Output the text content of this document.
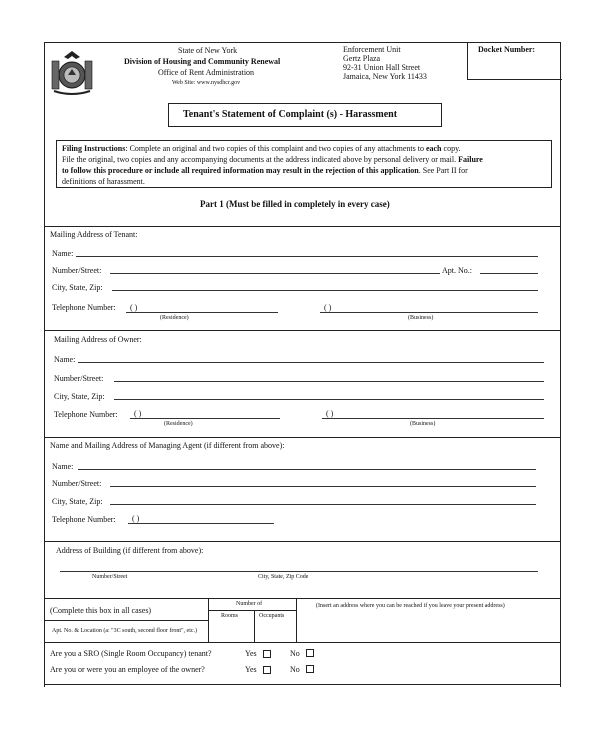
State of New York
Division of Housing and Community Renewal
Office of Rent Administration
Web Site: www.nysdhcr.gov
Enforcement Unit
Gertz Plaza
92-31 Union Hall Street
Jamaica, New York 11433
Docket Number:
Tenant's Statement of Complaint (s) - Harassment
Filing Instructions: Complete an original and two copies of this complaint and two copies of any attachments to each copy.
File the original, two copies and any accompanying documents at the address indicated above by personal delivery or mail. Failure
to follow this procedure or include all required information may result in the rejection of this application. See Part II for
definitions of harassment.
Part 1 (Must be filled in completely in every case)
Mailing Address of Tenant:
Name:
Number/Street:	Apt. No.:
City, State, Zip:
Telephone Number: ( )
(Residence)
( )
(Business)
Mailing Address of Owner:
Name:
Number/Street:
City, State, Zip:
Telephone Number: ( )
(Residence)
( )
(Business)
Name and Mailing Address of Managing Agent (if different from above):
Name:
Number/Street:
City, State, Zip:
Telephone Number: ( )
Address of Building (if different from above):
Number/Street	City, State, Zip Code
(Complete this box in all cases)
Number of
Rooms	Occupants
(Insert an address where you can be reached if you leave your present address)
Apt. No. & Location (a: "3C south, second floor front", etc.)
Are you a SRO (Single Room Occupancy) tenant?	Yes	No
Are you or were you an employee of the owner?	Yes	No
